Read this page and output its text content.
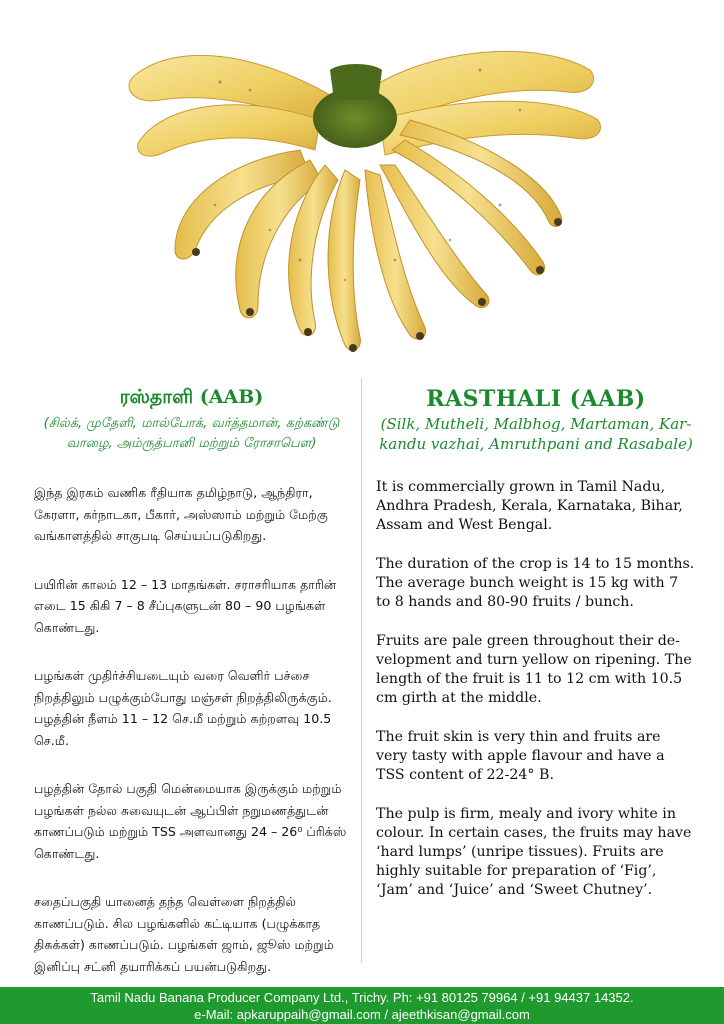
ரஸ்தாளி (AAB)
(சில்க், முதேளி, மால்போக், வர்த்தமான், கற்கண்டு வாழை, அம்ருத்பானி மற்றும் ரோசாபெள)

இந்த இரகம் வணிக ரீதியாக தமிழ்நாடு, ஆந்திரா, கேரளா, கர்நாடகா, பீகார், அஸ்ஸாம் மற்றும் மேற்கு வங்காளத்தில் சாகுபடி செய்யப்படுகிறது.

பயிரின் காலம் 12 – 13 மாதங்கள். சராசரியாக தாரின் எடை 15 கிகி 7 – 8 சீப்புகளுடன் 80 – 90 பழங்கள் கொண்டது.

பழங்கள் முதிர்ச்சியடையும் வரை வெளிர் பச்சை நிறத்திலும் பழுக்கும்போது மஞ்சள் நிறத்திலிருக்கும். பழத்தின் நீளம் 11 – 12 செ.மீ மற்றும் சுற்றளவு 10.5 செ.மீ.

பழத்தின் தோல் பகுதி மென்மையாக இருக்கும் மற்றும் பழங்கள் நல்ல சுவையுடன் ஆப்பிள் நறுமணத்துடன் காணப்படும் மற்றும் TSS அளவானது 24 – 26⁰ ப்ரிக்ஸ் கொண்டது.

சதைப்பகுதி யானைத் தந்த வெள்ளை நிறத்தில் காணப்படும். சில பழங்களில் கட்டியாக (பழுக்காத திசுக்கள்) காணப்படும். பழங்கள் ஜாம், ஜூஸ் மற்றும் இனிப்பு சட்னி தயாரிக்கப் பயன்படுகிறது.

RASTHALI (AAB)
(Silk, Mutheli, Malbhog, Martaman, Kar-kandu vazhai, Amruthpani and Rasabale)

It is commercially grown in Tamil Nadu, Andhra Pradesh, Kerala, Karnataka, Bihar, Assam and West Bengal.

The duration of the crop is 14 to 15 months. The average bunch weight is 15 kg with 7 to 8 hands and 80-90 fruits / bunch.

Fruits are pale green throughout their de-velopment and turn yellow on ripening. The length of the fruit is 11 to 12 cm with 10.5 cm girth at the middle.

The fruit skin is very thin and fruits are very tasty with apple flavour and have a TSS content of 22-24° B.

The pulp is firm, mealy and ivory white in colour. In certain cases, the fruits may have ‘hard lumps’ (unripe tissues). Fruits are highly suitable for preparation of ‘Fig’, ‘Jam’ and ‘Juice’ and ‘Sweet Chutney’.

Tamil Nadu Banana Producer Company Ltd., Trichy. Ph: +91 80125 79964 / +91 94437 14352.
e-Mail: apkaruppaih@gmail.com / ajeethkisan@gmail.com
